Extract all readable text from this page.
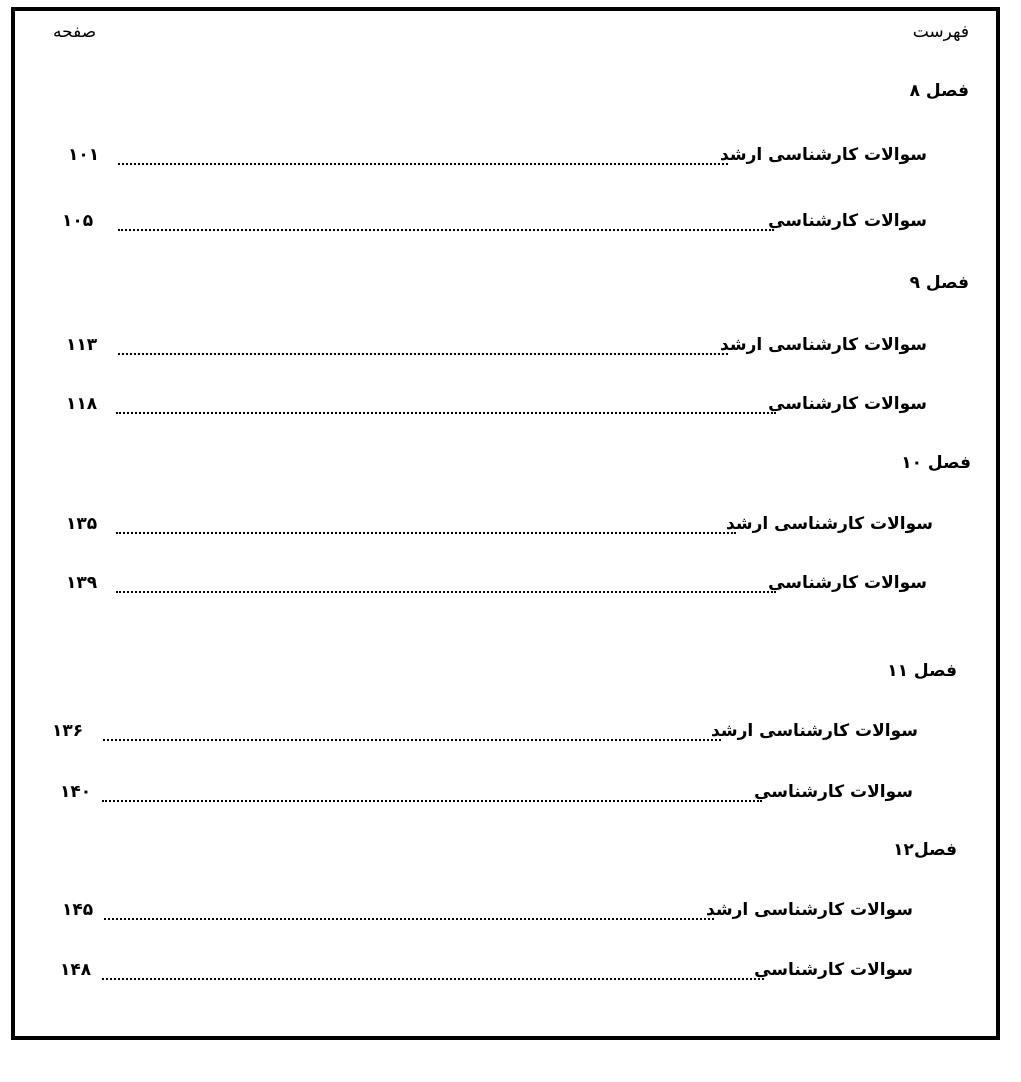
فهرست
صفحه
فصل ۸
سوالات کارشناسی ارشد
۱۰۱
سوالات کارشناسی
۱۰۵
فصل ۹
سوالات کارشناسی ارشد
۱۱۳
سوالات کارشناسی
۱۱۸
فصل ۱۰
سوالات کارشناسی ارشد
۱۳۵
سوالات کارشناسی
۱۳۹
فصل ۱۱
سوالات کارشناسی ارشد
۱۳۶
سوالات کارشناسی
۱۴۰
فصل۱۲
سوالات کارشناسی ارشد
۱۴۵
سوالات کارشناسی
۱۴۸
